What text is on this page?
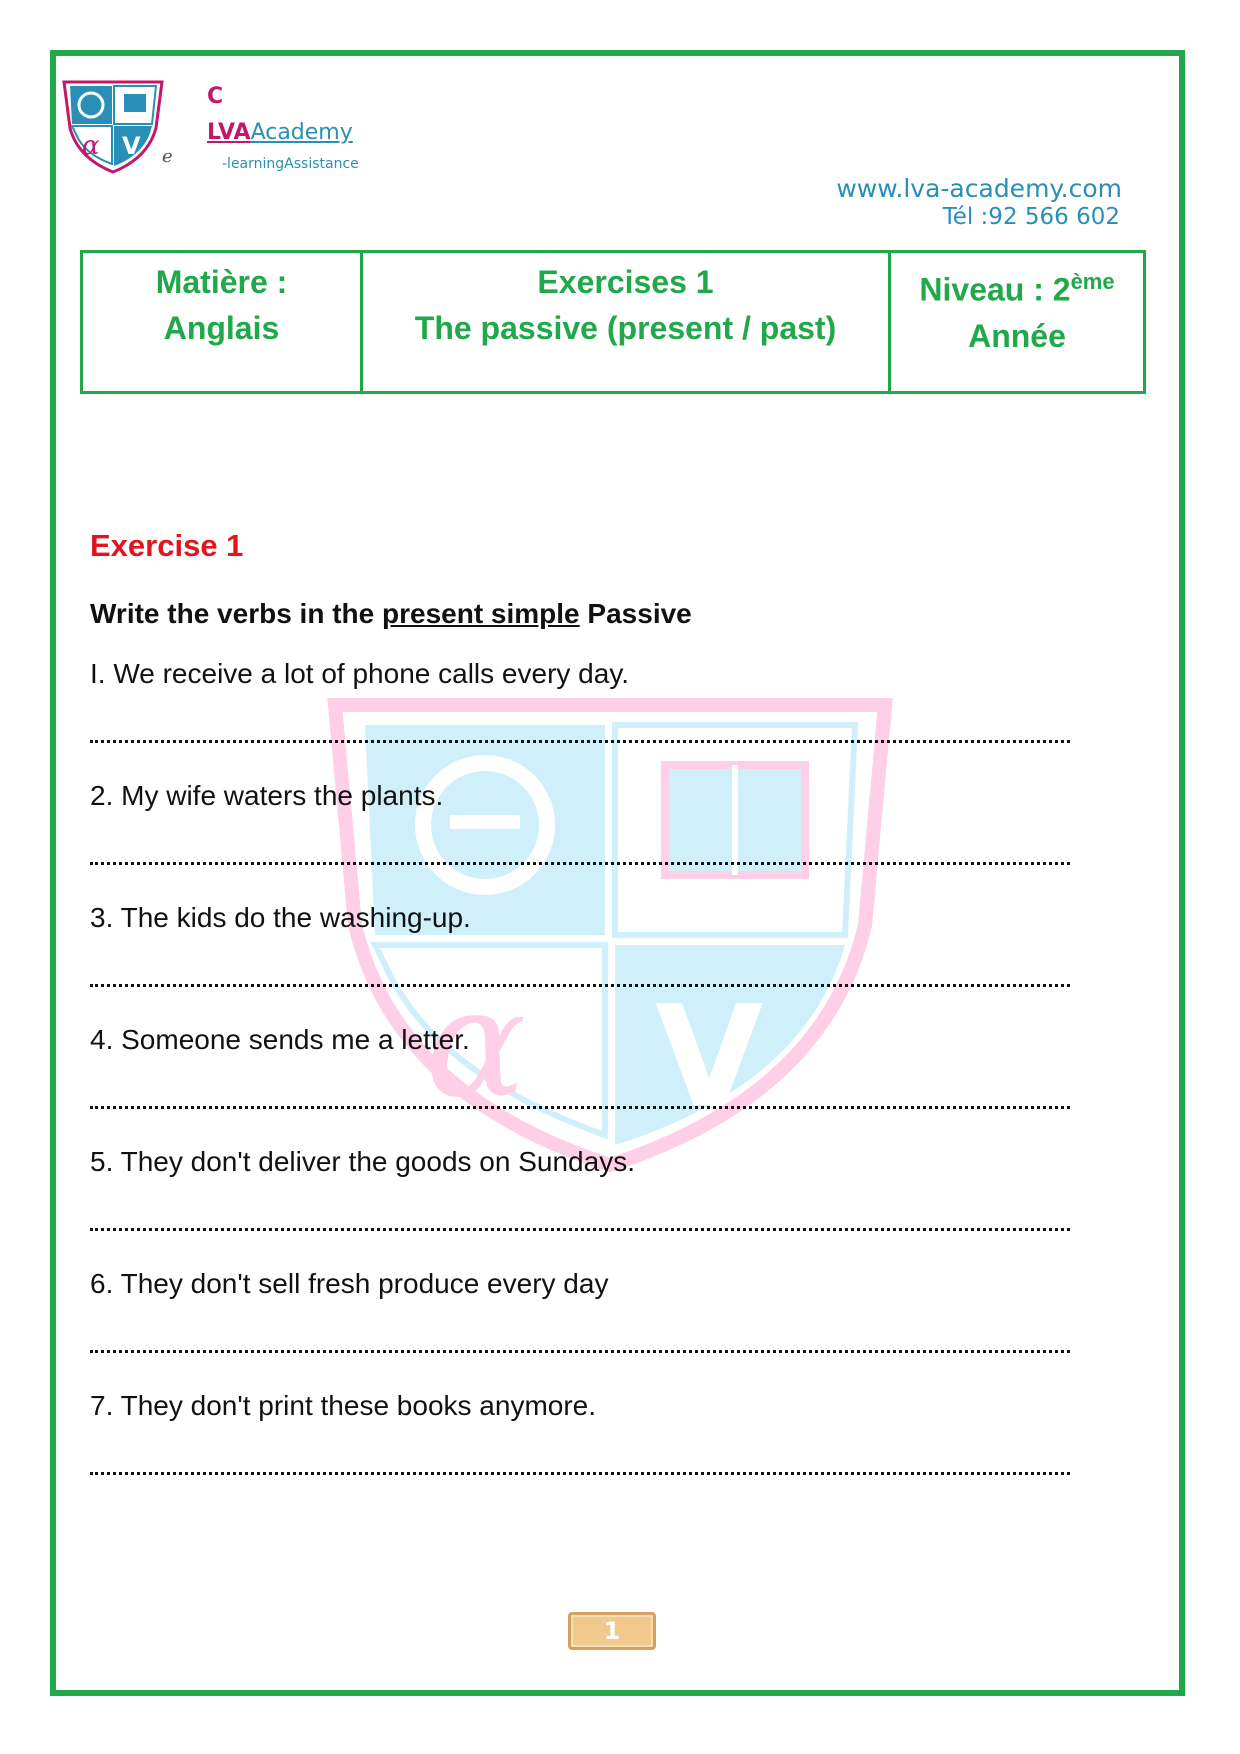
α V
C
LVAAcademy
e	-learningAssistance
www.lva-academy.com
Tél :92 566 602
Matière :
Anglais

Exercises 1
The passive (present / past)

Niveau : 2ème
Année
α V
Exercise 1
Write the verbs in the present simple Passive
I. We receive a lot of phone calls every day.
2. My wife waters the plants.
3. The kids do the washing-up.
4. Someone sends me a letter.
5. They don't deliver the goods on Sundays.
6. They don't sell fresh produce every day
7. They don't print these books anymore.
1
